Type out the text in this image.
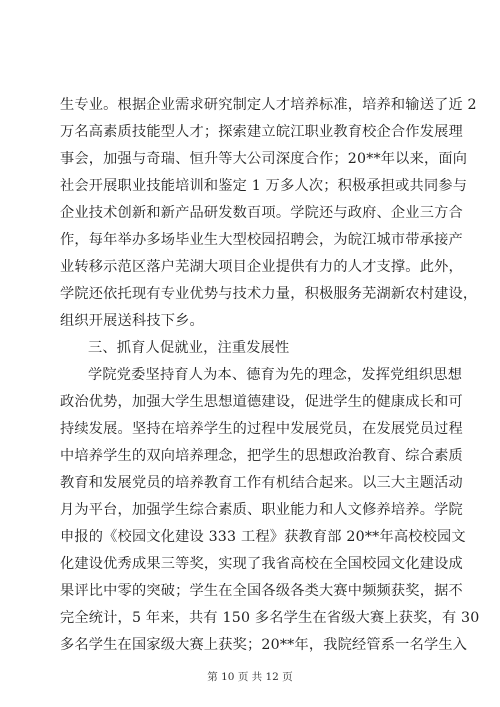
生专业。根据企业需求研究制定人才培养标准，培养和输送了近 2
万名高素质技能型人才；探索建立皖江职业教育校企合作发展理
事会，加强与奇瑞、恒升等大公司深度合作；20**年以来，面向
社会开展职业技能培训和鉴定 1 万多人次；积极承担或共同参与
企业技术创新和新产品研发数百项。学院还与政府、企业三方合
作，每年举办多场毕业生大型校园招聘会，为皖江城市带承接产
业转移示范区落户芜湖大项目企业提供有力的人才支撑。此外，
学院还依托现有专业优势与技术力量，积极服务芜湖新农村建设，
组织开展送科技下乡。
三、抓育人促就业，注重发展性
学院党委坚持育人为本、德育为先的理念，发挥党组织思想
政治优势，加强大学生思想道德建设，促进学生的健康成长和可
持续发展。坚持在培养学生的过程中发展党员，在发展党员过程
中培养学生的双向培养理念，把学生的思想政治教育、综合素质
教育和发展党员的培养教育工作有机结合起来。以三大主题活动
月为平台，加强学生综合素质、职业能力和人文修养培养。学院
申报的《校园文化建设 333 工程》获教育部 20**年高校校园文
化建设优秀成果三等奖，实现了我省高校在全国校园文化建设成
果评比中零的突破；学生在全国各级各类大赛中频频获奖，据不
完全统计，5 年来，共有 150 多名学生在省级大赛上获奖，有 30
多名学生在国家级大赛上获奖；20**年，我院经管系一名学生入
第 10 页 共 12 页
